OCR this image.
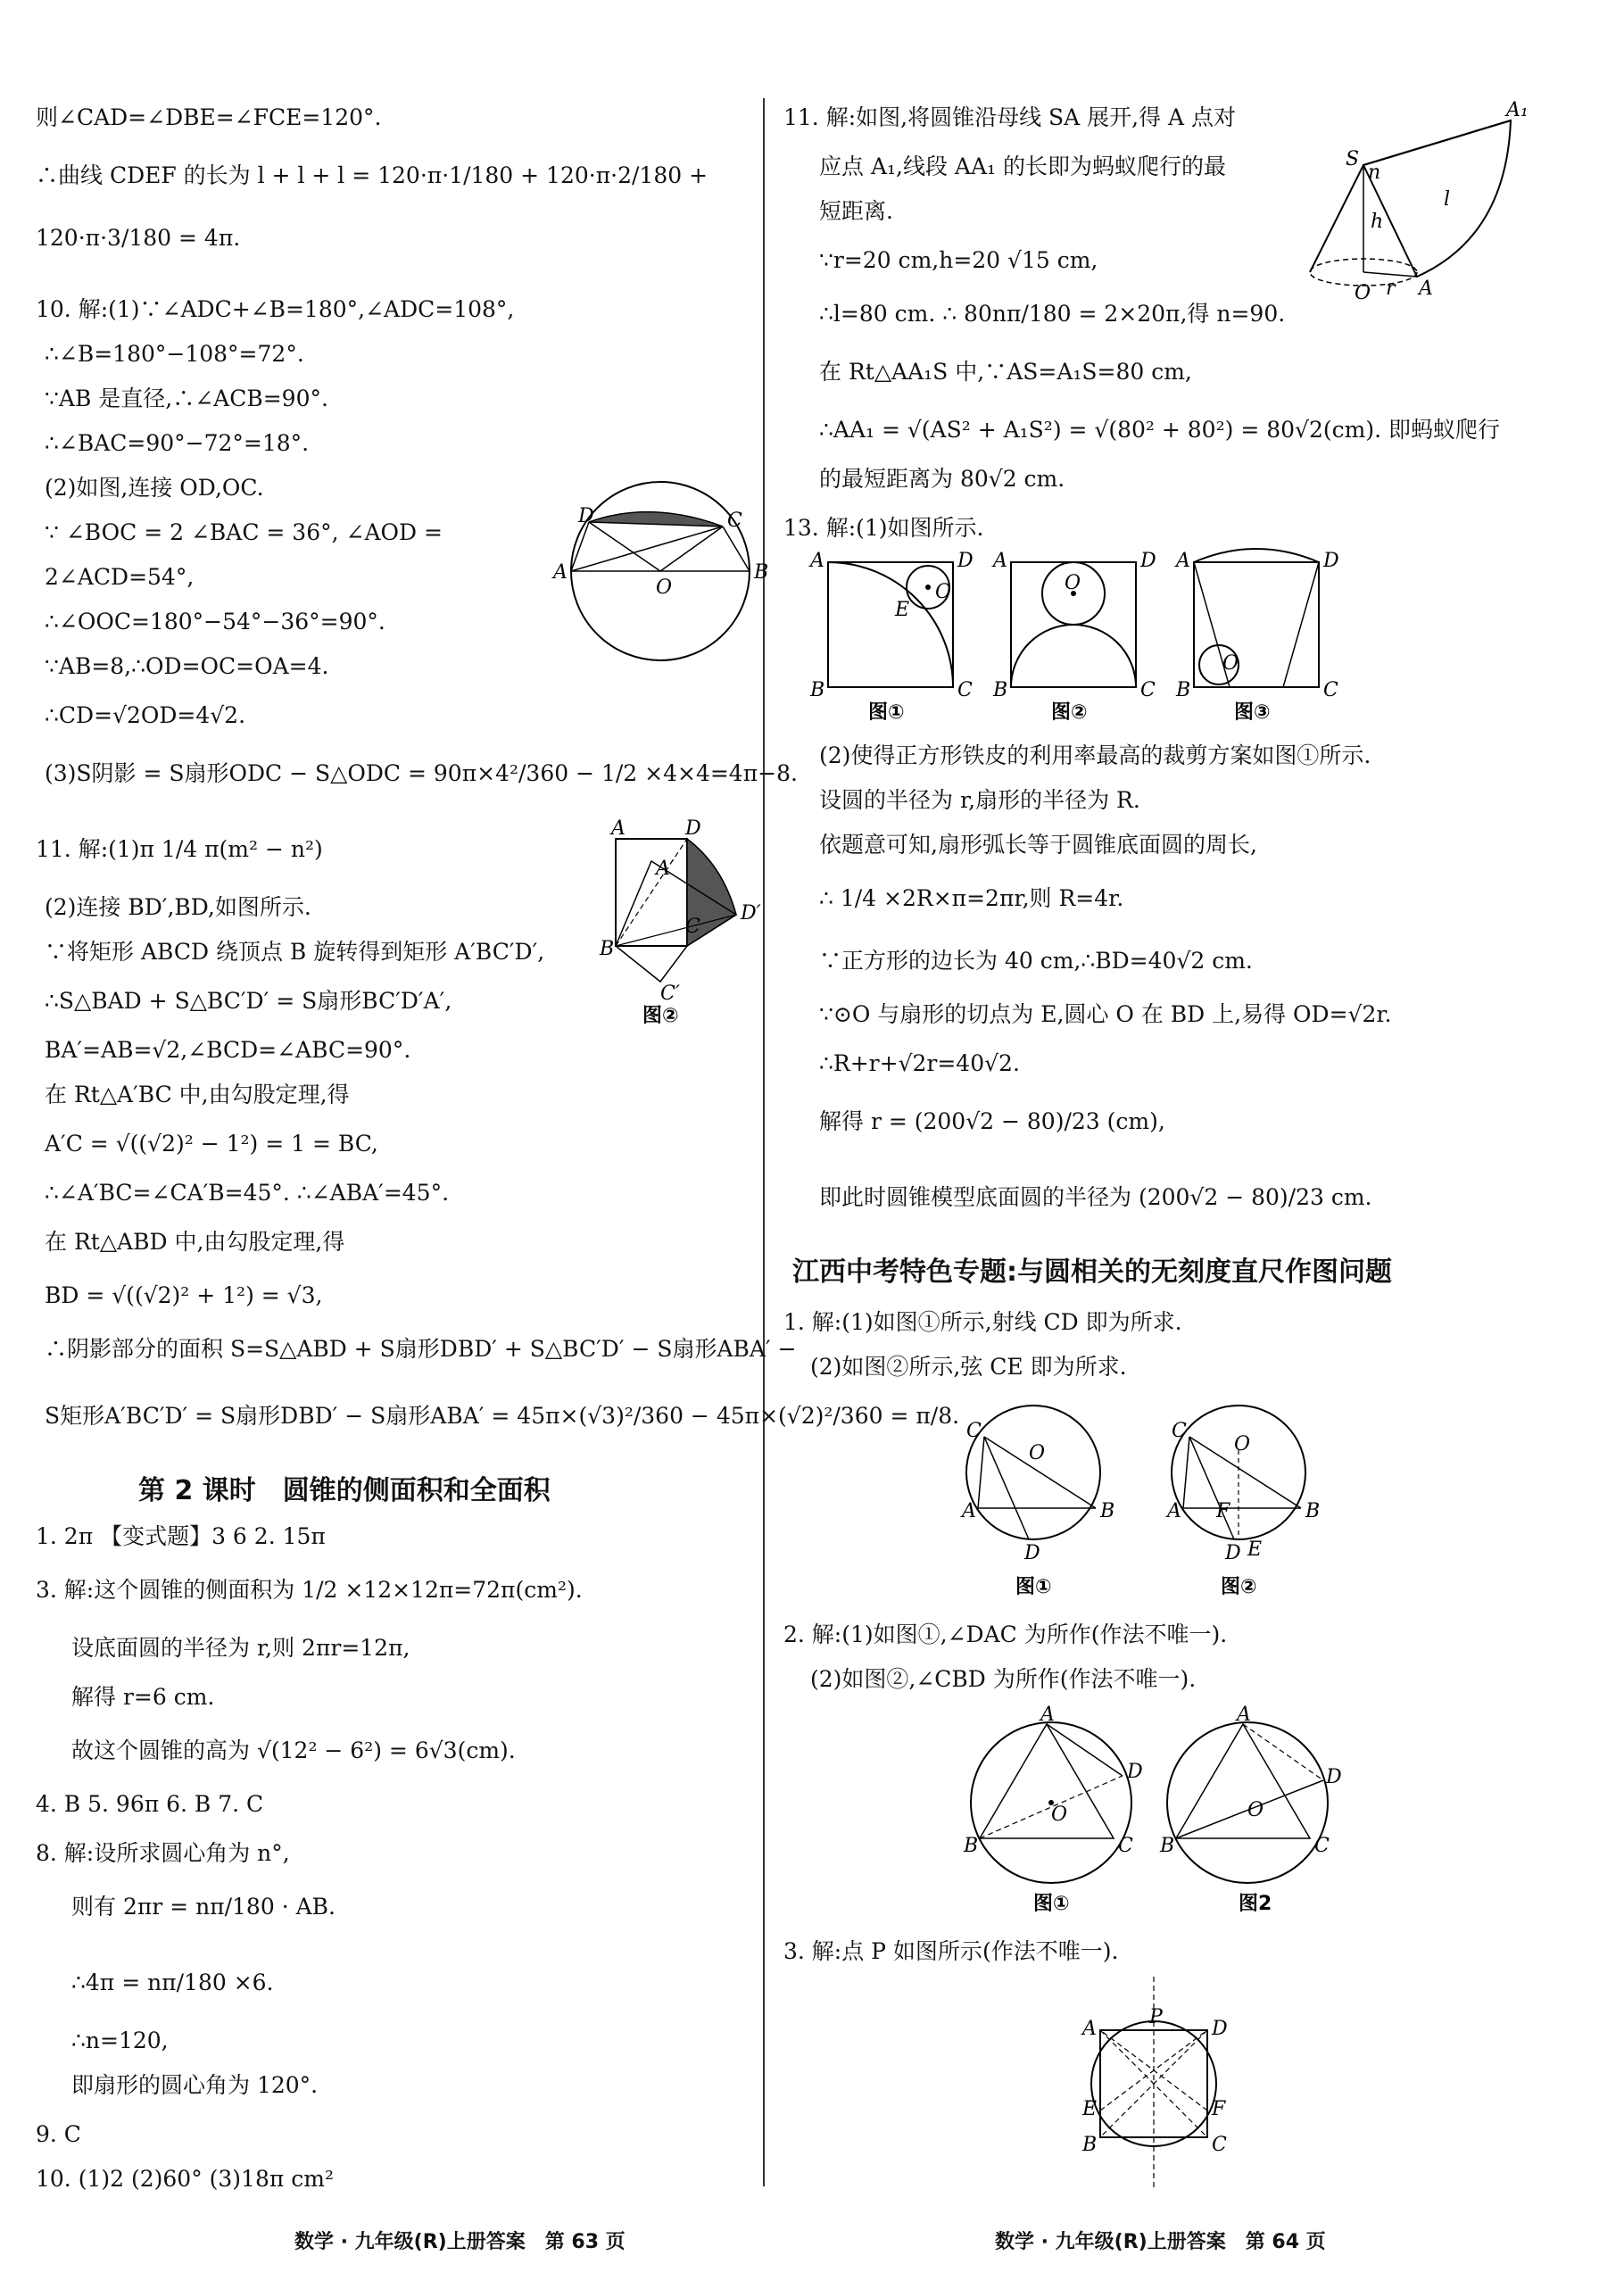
则∠CAD=∠DBE=∠FCE=120°.
∴曲线 CDEF 的长为 l + l + l = 120·π·1/180 + 120·π·2/180 +
120·π·3/180 = 4π.
10. 解:(1)∵∠ADC+∠B=180°,∠ADC=108°,
∴∠B=180°−108°=72°.
∵AB 是直径,∴∠ACB=90°.
∴∠BAC=90°−72°=18°.
(2)如图,连接 OD,OC.
∵ ∠BOC = 2 ∠BAC = 36°, ∠AOD =
2∠ACD=54°,
∴∠OOC=180°−54°−36°=90°.
∵AB=8,∴OD=OC=OA=4.
∴CD=√2OD=4√2.
(3)S阴影 = S扇形ODC − S△ODC = 90π×4²/360 − 1/2 ×4×4=4π−8.
11. 解:(1)π 1/4 π(m² − n²)
(2)连接 BD′,BD,如图所示.
∵将矩形 ABCD 绕顶点 B 旋转得到矩形 A′BC′D′,
∴S△BAD + S△BC′D′ = S扇形BC′D′A′,
BA′=AB=√2,∠BCD=∠ABC=90°.
在 Rt△A′BC 中,由勾股定理,得
A′C = √((√2)² − 1²) = 1 = BC,
∴∠A′BC=∠CA′B=45°. ∴∠ABA′=45°.
在 Rt△ABD 中,由勾股定理,得
BD = √((√2)² + 1²) = √3,
∴阴影部分的面积 S=S△ABD + S扇形DBD′ + S△BC′D′ − S扇形ABA′ −
S矩形A′BC′D′ = S扇形DBD′ − S扇形ABA′ = 45π×(√3)²/360 − 45π×(√2)²/360 = π/8.
第 2 课时　圆锥的侧面积和全面积
1. 2π 【变式题】3 6 2. 15π
3. 解:这个圆锥的侧面积为 1/2 ×12×12π=72π(cm²).
设底面圆的半径为 r,则 2πr=12π,
解得 r=6 cm.
故这个圆锥的高为 √(12² − 6²) = 6√3(cm).
4. B 5. 96π 6. B 7. C
8. 解:设所求圆心角为 n°,
则有 2πr = nπ/180 · AB.
∴4π = nπ/180 ×6.
∴n=120,
即扇形的圆心角为 120°.
9. C
10. (1)2 (2)60° (3)18π cm²
D	C
A	B
O
A	D
A′
D′
B
C
C′
图②
11. 解:如图,将圆锥沿母线 SA 展开,得 A 点对
应点 A₁,线段 AA₁ 的长即为蚂蚁爬行的最
短距离.
∵r=20 cm,h=20 √15 cm,
∴l=80 cm. ∴ 80nπ/180 = 2×20π,得 n=90.
在 Rt△AA₁S 中,∵AS=A₁S=80 cm,
∴AA₁ = √(AS² + A₁S²) = √(80² + 80²) = 80√2(cm). 即蚂蚁爬行
的最短距离为 80√2 cm.
13. 解:(1)如图所示.
S
n
h
l
A₁
O r A
A	D
B	C
E
O
图①
A	D
B	C
O
图②
A	D
B	C
O
图③
(2)使得正方形铁皮的利用率最高的裁剪方案如图①所示.
设圆的半径为 r,扇形的半径为 R.
依题意可知,扇形弧长等于圆锥底面圆的周长,
∴ 1/4 ×2R×π=2πr,则 R=4r.
∵正方形的边长为 40 cm,∴BD=40√2 cm.
∵⊙O 与扇形的切点为 E,圆心 O 在 BD 上,易得 OD=√2r.
∴R+r+√2r=40√2.
解得 r = (200√2 − 80)/23 (cm),
即此时圆锥模型底面圆的半径为 (200√2 − 80)/23 cm.
江西中考特色专题:与圆相关的无刻度直尺作图问题
1. 解:(1)如图①所示,射线 CD 即为所求.
(2)如图②所示,弦 CE 即为所求.
C
O
A	B
D
图①
C
O
A F	B
D E
图②
2. 解:(1)如图①,∠DAC 为所作(作法不唯一).
(2)如图②,∠CBD 为所作(作法不唯一).
A
D
B	C
O
图①
A
D
B	C
O
图2
3. 解:点 P 如图所示(作法不唯一).
A
P
D
E	F
B	C
数学 · 九年级(R)上册答案　第 63 页	数学 · 九年级(R)上册答案　第 64 页
